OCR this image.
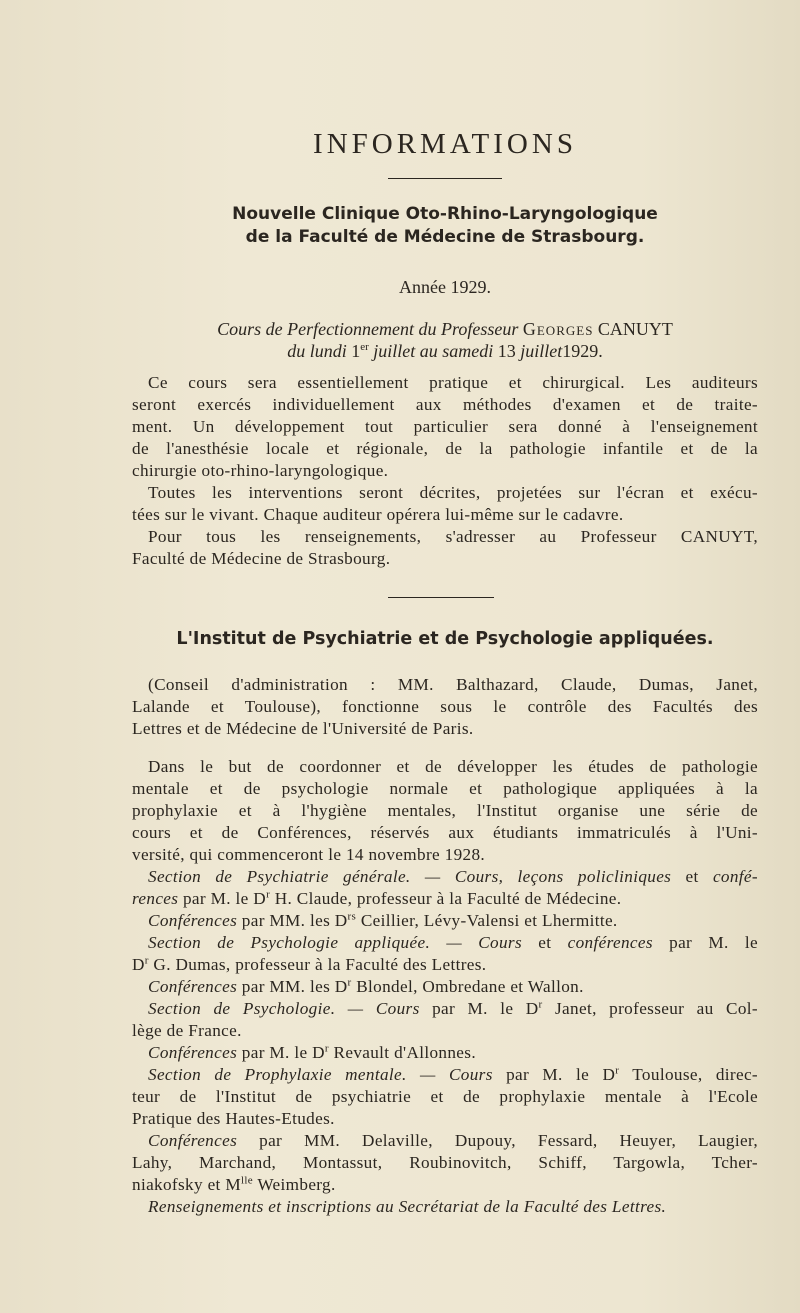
INFORMATIONS
Nouvelle Clinique Oto-Rhino-Laryngologique
de la Faculté de Médecine de Strasbourg.
Année 1929.
Cours de Perfectionnement du Professeur Georges CANUYT
du lundi 1er juillet au samedi 13 juillet1929.
Ce cours sera essentiellement pratique et chirurgical. Les auditeurs
seront exercés individuellement aux méthodes d'examen et de traite-
ment. Un développement tout particulier sera donné à l'enseignement
de l'anesthésie locale et régionale, de la pathologie infantile et de la
chirurgie oto-rhino-laryngologique.
Toutes les interventions seront décrites, projetées sur l'écran et exécu-
tées sur le vivant. Chaque auditeur opérera lui-même sur le cadavre.
Pour tous les renseignements, s'adresser au Professeur CANUYT,
Faculté de Médecine de Strasbourg.
L'Institut de Psychiatrie et de Psychologie appliquées.
(Conseil d'administration : MM. Balthazard, Claude, Dumas, Janet,
Lalande et Toulouse), fonctionne sous le contrôle des Facultés des
Lettres et de Médecine de l'Université de Paris.
Dans le but de coordonner et de développer les études de pathologie
mentale et de psychologie normale et pathologique appliquées à la
prophylaxie et à l'hygiène mentales, l'Institut organise une série de
cours et de Conférences, réservés aux étudiants immatriculés à l'Uni-
versité, qui commenceront le 14 novembre 1928.
Section de Psychiatrie générale. — Cours, leçons policliniques et confé-
rences par M. le $D^r$ H. Claude, professeur à la Faculté de Médecine.
Conférences par MM. les $D^{rs}$ Ceillier, Lévy-Valensi et Lhermitte.
Section de Psychologie appliquée. — Cours et conférences par M. le
$D^r$ G. Dumas, professeur à la Faculté des Lettres.
Conférences par MM. les $D^r$ Blondel, Ombredane et Wallon.
Section de Psychologie. — Cours par M. le $D^r$ Janet, professeur au Col-
lège de France.
Conférences par M. le $D^r$ Revault d'Allonnes.
Section de Prophylaxie mentale. — Cours par M. le $D^r$ Toulouse, direc-
teur de l'Institut de psychiatrie et de prophylaxie mentale à l'Ecole
Pratique des Hautes-Etudes.
Conférences par MM. Delaville, Dupouy, Fessard, Heuyer, Laugier,
Lahy, Marchand, Montassut, Roubinovitch, Schiff, Targowla, Tcher-
niakofsky et $M^{lle}$ Weimberg.
Renseignements et inscriptions au Secrétariat de la Faculté des Lettres.
